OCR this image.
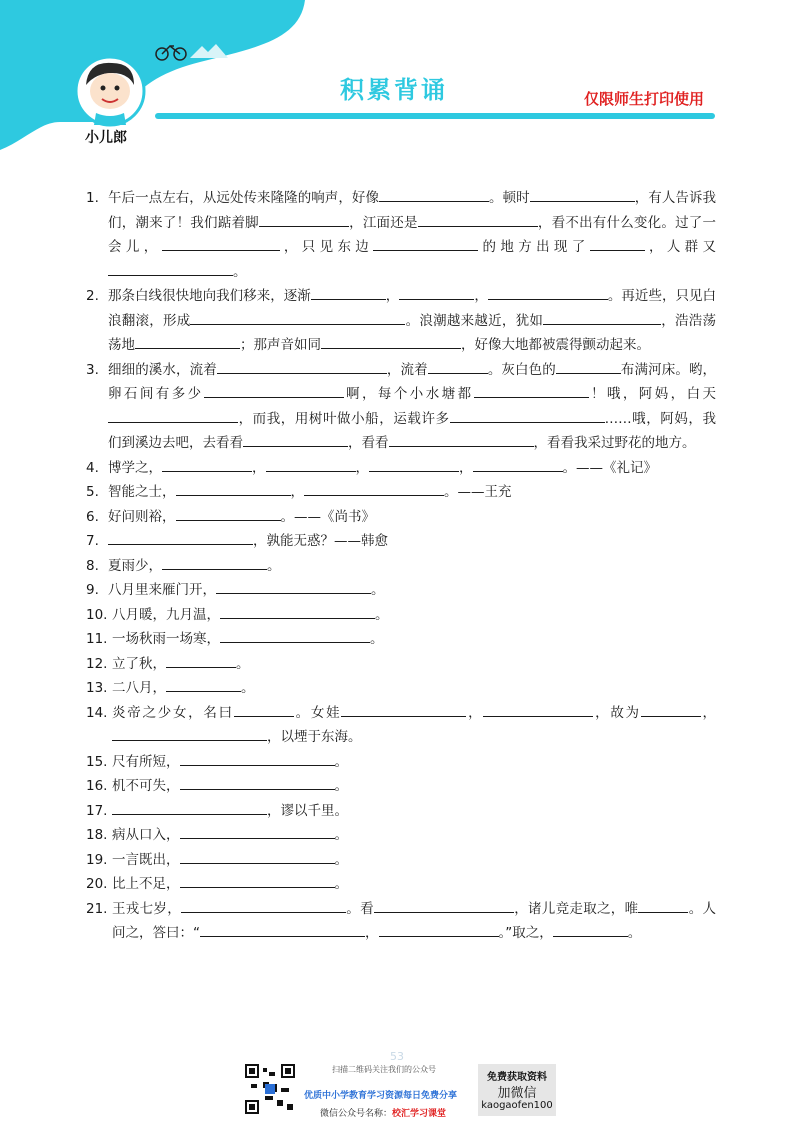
积累背诵	仅限师生打印使用
小儿郎
1. 午后一点左右，从远处传来隆隆的响声，好像	。顿时	，有人告诉我们，潮来了！我们踮着脚	，江面还是	，看不出有什么变化。过了一会儿，	，只见东边	的地方出现了	，人群又。
2. 那条白线很快地向我们移来，逐渐	，	，	。再近些，只见白浪翻滚，形成	。浪潮越来越近，犹如	，浩浩荡荡地	；那声音如同	，好像大地都被震得颤动起来。
3. 细细的溪水，流着	，流着	。灰白色的	布满河床。哟，卵石间有多少	啊，每个小水塘都	！哦，阿妈，白天，而我，用树叶做小船，运载许多	……哦，阿妈，我们到溪边去吧，去看看	，看看	，看看我采过野花的地方。
4. 博学之，	，	，	，	。——《礼记》
5. 智能之士，	，	。——王充
6. 好问则裕，	。——《尚书》
7.	，孰能无惑？——韩愈
8. 夏雨少，	。
9. 八月里来雁门开，	。
10. 八月暖，九月温，	。
11. 一场秋雨一场寒，	。
12. 立了秋，	。
13. 二八月，	。
14. 炎帝之少女，名曰	。女娃	，	，故为	，，以堙于东海。
15. 尺有所短，	。
16. 机不可失，	。
17.	，谬以千里。
18. 病从口入，	。
19. 一言既出，	。
20. 比上不足，	。
21. 王戎七岁，	。看	，诸儿竞走取之，唯	。人问之，答曰：“	，	。”取之，	。
53
扫描二维码关注我们的公众号
优质中小学教育学习资源每日免费分享
微信公众号名称：校汇学习课堂
免费获取资料
加微信
kaogaofen100
